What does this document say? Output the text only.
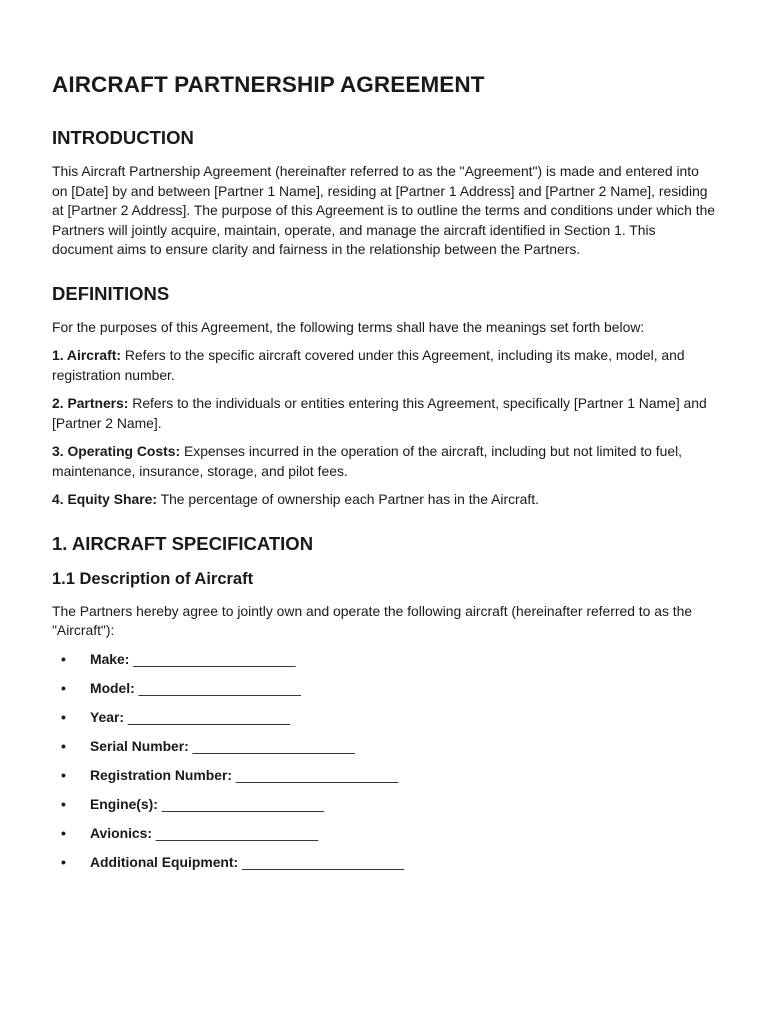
AIRCRAFT PARTNERSHIP AGREEMENT
INTRODUCTION

This Aircraft Partnership Agreement (hereinafter referred to as the "Agreement") is made and entered into on [Date] by and between [Partner 1 Name], residing at [Partner 1 Address] and [Partner 2 Name], residing at [Partner 2 Address]. The purpose of this Agreement is to outline the terms and conditions under which the Partners will jointly acquire, maintain, operate, and manage the aircraft identified in Section 1. This document aims to ensure clarity and fairness in the relationship between the Partners.

DEFINITIONS

For the purposes of this Agreement, the following terms shall have the meanings set forth below:

1. Aircraft: Refers to the specific aircraft covered under this Agreement, including its make, model, and registration number.

2. Partners: Refers to the individuals or entities entering this Agreement, specifically [Partner 1 Name] and [Partner 2 Name].

3. Operating Costs: Expenses incurred in the operation of the aircraft, including but not limited to fuel, maintenance, insurance, storage, and pilot fees.

4. Equity Share: The percentage of ownership each Partner has in the Aircraft.

1. AIRCRAFT SPECIFICATION
1.1 Description of Aircraft

The Partners hereby agree to jointly own and operate the following aircraft (hereinafter referred to as the "Aircraft"):

• Make: _____________________
• Model: _____________________
• Year: _____________________
• Serial Number: _____________________
• Registration Number: _____________________
• Engine(s): _____________________
• Avionics: _____________________
• Additional Equipment: _____________________
